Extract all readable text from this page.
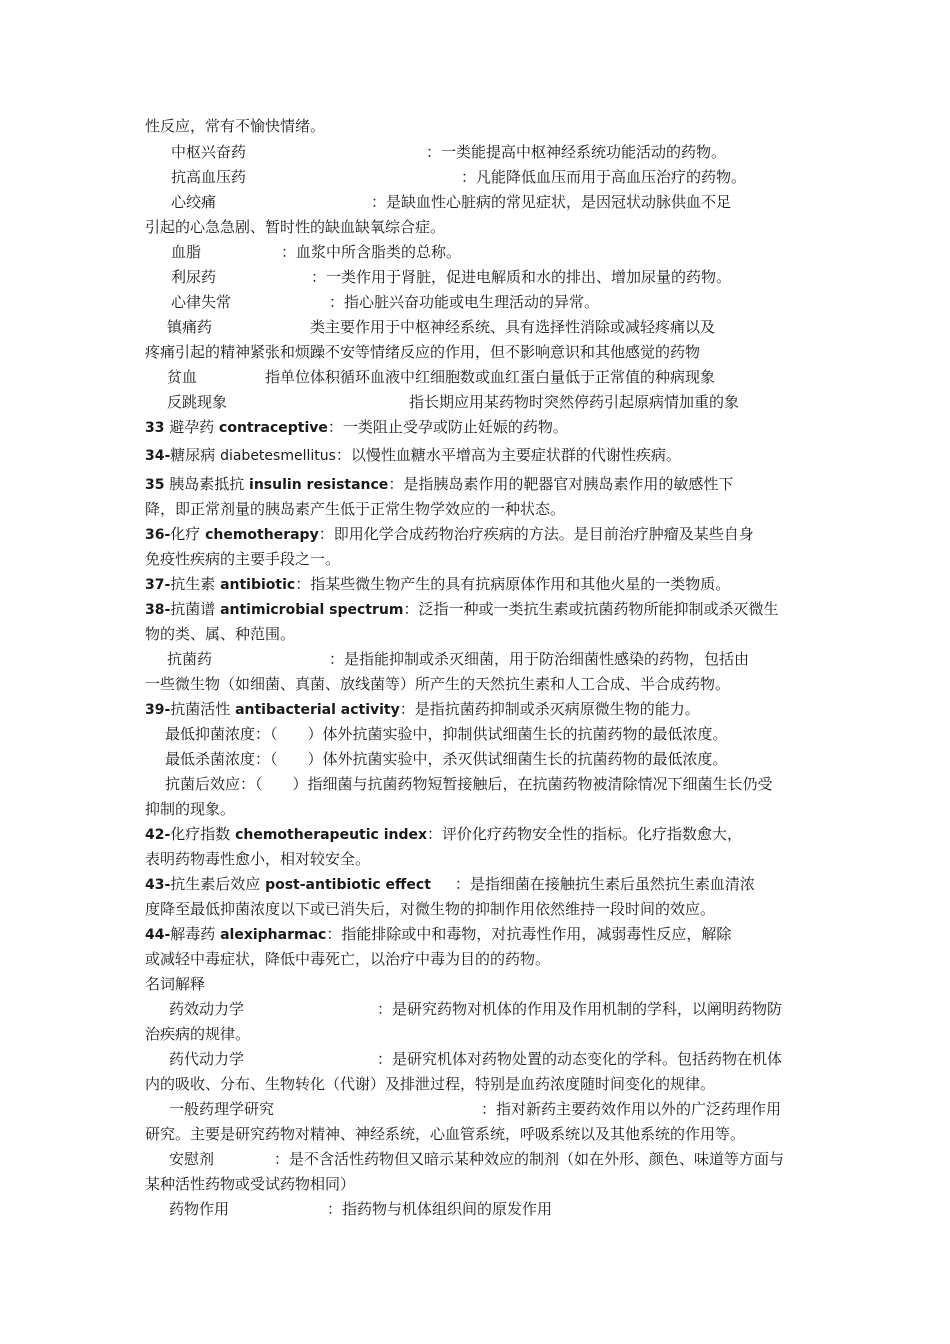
性反应，常有不愉快情绪。
中枢兴奋药	：一类能提高中枢神经系统功能活动的药物。
抗高血压药	：凡能降低血压而用于高血压治疗的药物。
心绞痛	：是缺血性心脏病的常见症状，是因冠状动脉供血不足
引起的心急急剧、暂时性的缺血缺氧综合症。
血脂	：血浆中所含脂类的总称。
利尿药	：一类作用于肾脏，促进电解质和水的排出、增加尿量的药物。
心律失常	：指心脏兴奋功能或电生理活动的异常。
镇痛药	类主要作用于中枢神经系统、具有选择性消除或减轻疼痛以及
疼痛引起的精神紧张和烦躁不安等情绪反应的作用，但不影响意识和其他感觉的药物
贫血	指单位体积循环血液中红细胞数或血红蛋白量低于正常值的种病现象
反跳现象	指长期应用某药物时突然停药引起原病情加重的象
33 避孕药 contraceptive：一类阻止受孕或防止妊娠的药物。
34-糖尿病 diabetesmellitus：以慢性血糖水平增高为主要症状群的代谢性疾病。
35 胰岛素抵抗 insulin resistance：是指胰岛素作用的靶器官对胰岛素作用的敏感性下
降，即正常剂量的胰岛素产生低于正常生物学效应的一种状态。
36-化疗 chemotherapy：即用化学合成药物治疗疾病的方法。是目前治疗肿瘤及某些自身
免疫性疾病的主要手段之一。
37-抗生素 antibiotic：指某些微生物产生的具有抗病原体作用和其他火星的一类物质。
38-抗菌谱 antimicrobial spectrum：泛指一种或一类抗生素或抗菌药物所能抑制或杀灭微生
物的类、属、种范围。
抗菌药	：是指能抑制或杀灭细菌，用于防治细菌性感染的药物，包括由
一些微生物（如细菌、真菌、放线菌等）所产生的天然抗生素和人工合成、半合成药物。
39-抗菌活性 antibacterial activity：是指抗菌药抑制或杀灭病原微生物的能力。
最低抑菌浓度：（　　）体外抗菌实验中，抑制供试细菌生长的抗菌药物的最低浓度。
最低杀菌浓度：（　　）体外抗菌实验中，杀灭供试细菌生长的抗菌药物的最低浓度。
抗菌后效应：（　　）指细菌与抗菌药物短暂接触后，在抗菌药物被清除情况下细菌生长仍受
抑制的现象。
42-化疗指数 chemotherapeutic index：评价化疗药物安全性的指标。化疗指数愈大，
表明药物毒性愈小，相对较安全。
43-抗生素后效应 post-antibiotic effect ：是指细菌在接触抗生素后虽然抗生素血清浓
度降至最低抑菌浓度以下或已消失后，对微生物的抑制作用依然维持一段时间的效应。
44-解毒药 alexipharmac：指能排除或中和毒物，对抗毒性作用，减弱毒性反应，解除
或减轻中毒症状，降低中毒死亡，以治疗中毒为目的的药物。
名词解释
药效动力学	：是研究药物对机体的作用及作用机制的学科，以阐明药物防
治疾病的规律。
药代动力学	：是研究机体对药物处置的动态变化的学科。包括药物在机体
内的吸收、分布、生物转化（代谢）及排泄过程，特别是血药浓度随时间变化的规律。
一般药理学研究	：指对新药主要药效作用以外的广泛药理作用
研究。主要是研究药物对精神、神经系统，心血管系统，呼吸系统以及其他系统的作用等。
安慰剂	：是不含活性药物但又暗示某种效应的制剂（如在外形、颜色、味道等方面与
某种活性药物或受试药物相同）
药物作用	：指药物与机体组织间的原发作用
